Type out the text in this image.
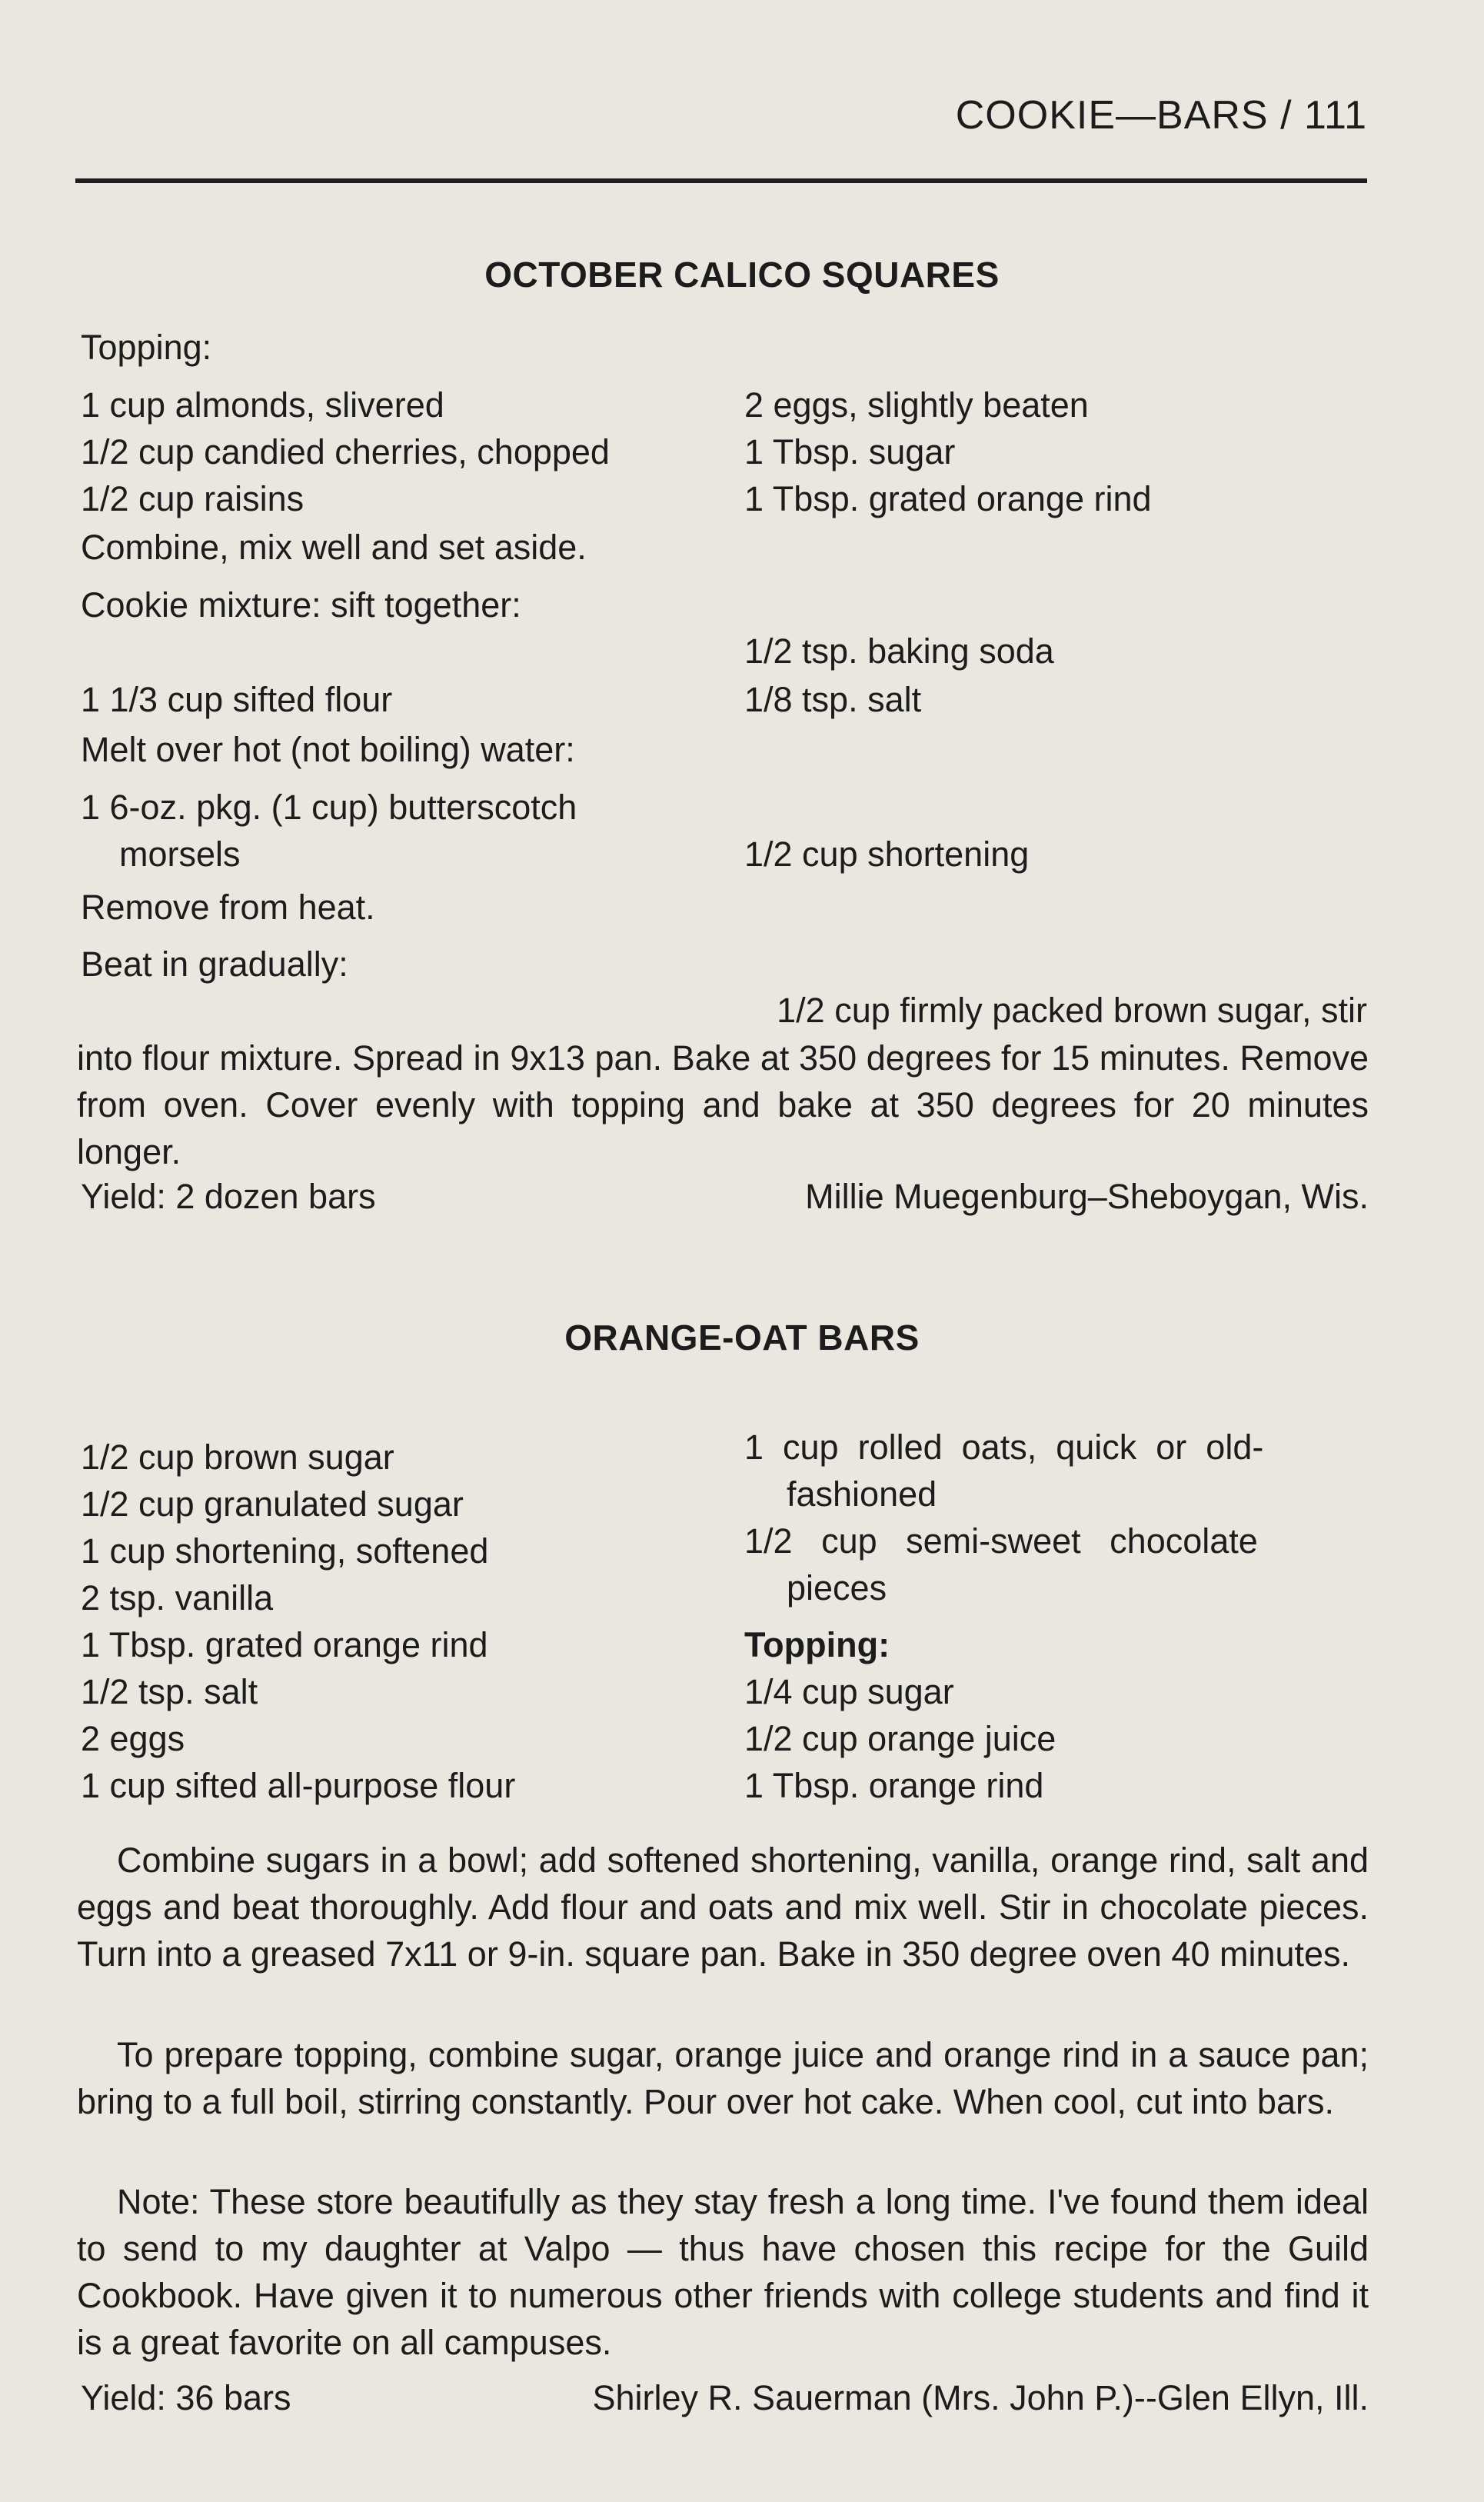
COOKIE—BARS / 111
OCTOBER CALICO SQUARES
Topping:
1 cup almonds, slivered
1/2 cup candied cherries, chopped
1/2 cup raisins
Combine, mix well and set aside.
Cookie mixture: sift together:
1 1/3 cup sifted flour
Melt over hot (not boiling) water:
1 6-oz. pkg. (1 cup) butterscotch
morsels
Remove from heat.
Beat in gradually:
2 eggs, slightly beaten
1 Tbsp. sugar
1 Tbsp. grated orange rind
1/2 tsp. baking soda
1/8 tsp. salt
1/2 cup shortening
1/2 cup firmly packed brown sugar, stir

into flour mixture. Spread in 9x13 pan. Bake at 350 degrees for 15 minutes. Remove from oven. Cover evenly with topping and bake at 350 degrees for 20 minutes longer.

Yield: 2 dozen bars	Millie Muegenburg–Sheboygan, Wis.
ORANGE-OAT BARS
1/2 cup brown sugar
1/2 cup granulated sugar
1 cup shortening, softened
2 tsp. vanilla
1 Tbsp. grated orange rind
1/2 tsp. salt
2 eggs
1 cup sifted all-purpose flour
1  cup  rolled  oats,  quick  or  old-
fashioned
1/2   cup   semi-sweet   chocolate
pieces
Topping:
1/4 cup sugar
1/2 cup orange juice
1 Tbsp. orange rind

Combine sugars in a bowl; add softened shortening, vanilla, orange rind, salt and eggs and beat thoroughly. Add flour and oats and mix well. Stir in chocolate pieces. Turn into a greased 7x11 or 9-in. square pan. Bake in 350 degree oven 40 minutes.

To prepare topping, combine sugar, orange juice and orange rind in a sauce pan; bring to a full boil, stirring constantly. Pour over hot cake. When cool, cut into bars.

Note: These store beautifully as they stay fresh a long time. I've found them ideal to send to my daughter at Valpo — thus have chosen this recipe for the Guild Cookbook. Have given it to numerous other friends with college students and find it is a great favorite on all campuses.

Yield: 36 bars	Shirley R. Sauerman (Mrs. John P.)--Glen Ellyn, Ill.
